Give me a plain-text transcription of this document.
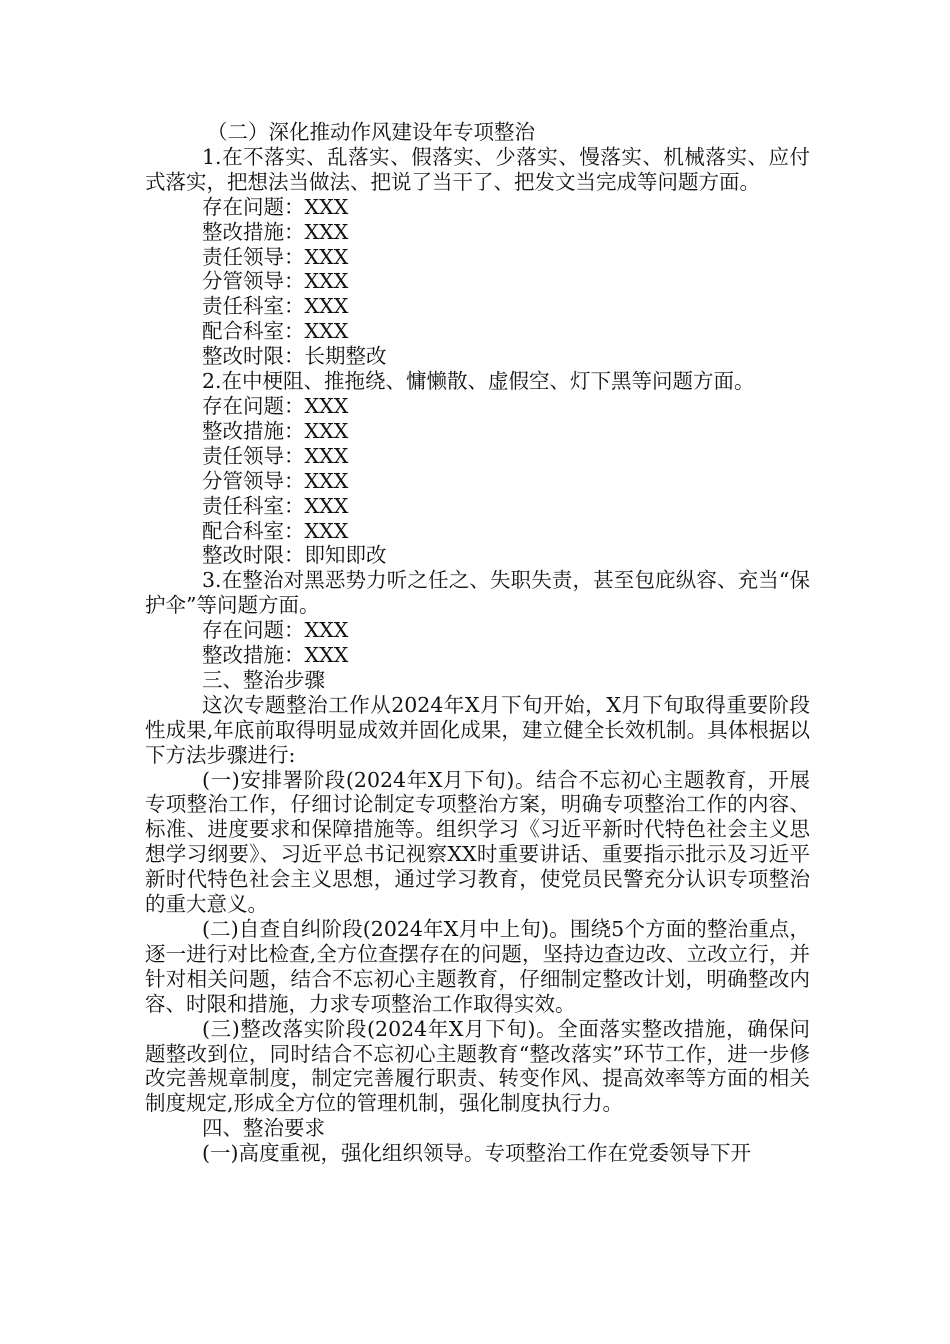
（二）深化推动作风建设年专项整治

1.在不落实、乱落实、假落实、少落实、慢落实、机械落实、应付式落实，把想法当做法、把说了当干了、把发文当完成等问题方面。

存在问题：XXX

整改措施：XXX

责任领导：XXX

分管领导：XXX

责任科室：XXX

配合科室：XXX

整改时限：长期整改

2.在中梗阻、推拖绕、慵懒散、虚假空、灯下黑等问题方面。

存在问题：XXX

整改措施：XXX

责任领导：XXX

分管领导：XXX

责任科室：XXX

配合科室：XXX

整改时限：即知即改

3.在整治对黑恶势力听之任之、失职失责，甚至包庇纵容、充当“保护伞”等问题方面。

存在问题：XXX

整改措施：XXX

三、整治步骤

这次专题整治工作从2024年X月下旬开始，X月下旬取得重要阶段性成果,年底前取得明显成效并固化成果，建立健全长效机制。具体根据以下方法步骤进行:

(一)安排署阶段(2024年X月下旬)。结合不忘初心主题教育，开展专项整治工作，仔细讨论制定专项整治方案，明确专项整治工作的内容、标准、进度要求和保障措施等。组织学习《习近平新时代特色社会主义思想学习纲要》、习近平总书记视察XX时重要讲话、重要指示批示及习近平新时代特色社会主义思想，通过学习教育，使党员民警充分认识专项整治的重大意义。

(二)自查自纠阶段(2024年X月中上旬)。围绕5个方面的整治重点，逐一进行对比检查,全方位查摆存在的问题，坚持边查边改、立改立行，并针对相关问题，结合不忘初心主题教育，仔细制定整改计划，明确整改内容、时限和措施，力求专项整治工作取得实效。

(三)整改落实阶段(2024年X月下旬)。全面落实整改措施，确保问题整改到位，同时结合不忘初心主题教育“整改落实”环节工作，进一步修改完善规章制度，制定完善履行职责、转变作风、提高效率等方面的相关制度规定,形成全方位的管理机制，强化制度执行力。

四、整治要求

(一)高度重视，强化组织领导。专项整治工作在党委领导下开
